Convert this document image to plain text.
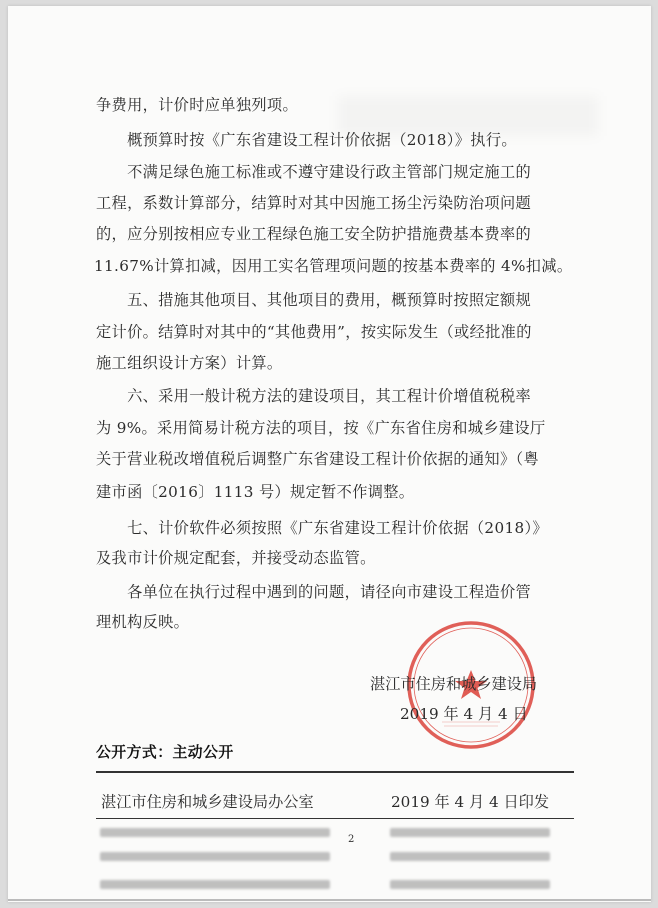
争费用，计价时应单独列项。
　　概预算时按《广东省建设工程计价依据（2018）》执行。
　　不满足绿色施工标准或不遵守建设行政主管部门规定施工的
工程，系数计算部分，结算时对其中因施工扬尘污染防治项问题
的，应分别按相应专业工程绿色施工安全防护措施费基本费率的
11.67%计算扣减，因用工实名管理项问题的按基本费率的 4%扣减。
　　五、措施其他项目、其他项目的费用，概预算时按照定额规
定计价。结算时对其中的“其他费用”，按实际发生（或经批准的
施工组织设计方案）计算。
　　六、采用一般计税方法的建设项目，其工程计价增值税税率
为 9%。采用简易计税方法的项目，按《广东省住房和城乡建设厅
关于营业税改增值税后调整广东省建设工程计价依据的通知》（粤
建市函〔2016〕1113 号）规定暂不作调整。
　　七、计价软件必须按照《广东省建设工程计价依据（2018）》
及我市计价规定配套，并接受动态监管。
　　各单位在执行过程中遇到的问题，请径向市建设工程造价管
理机构反映。
湛江市住房和城乡建设局
2019 年 4 月 4 日
公开方式：主动公开
湛江市住房和城乡建设局办公室	2019 年 4 月 4 日印发
2
